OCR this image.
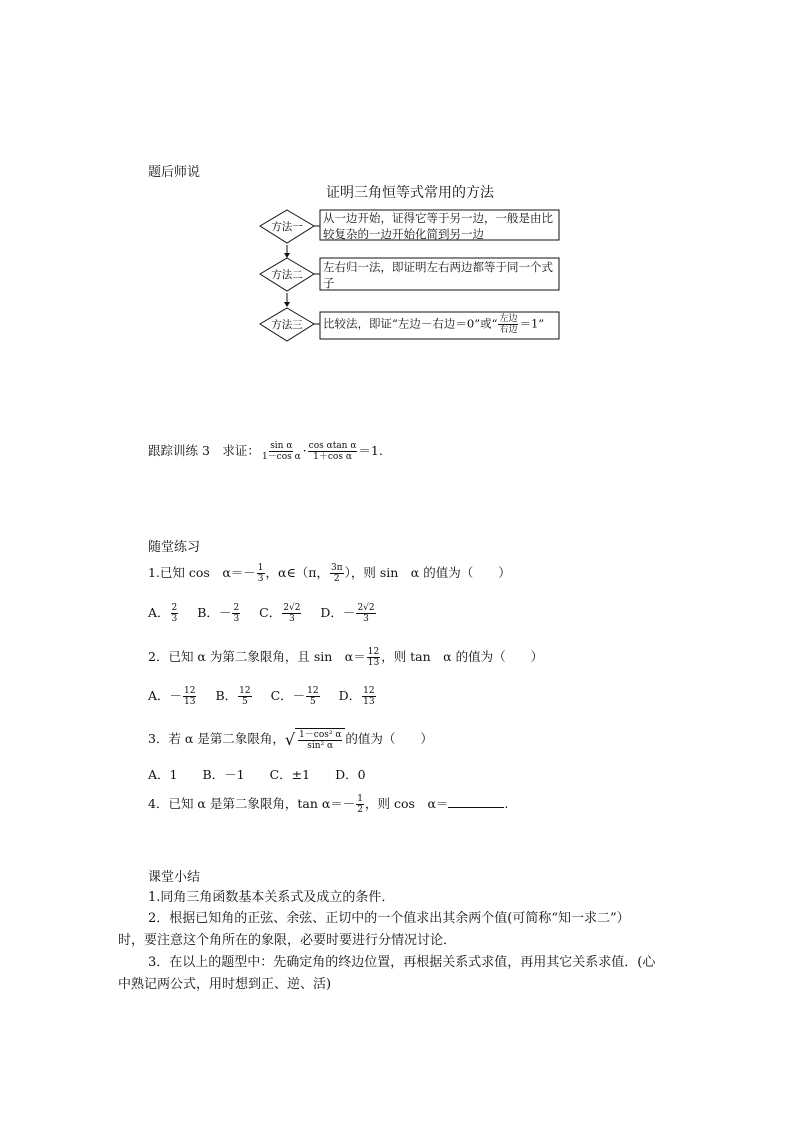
题后师说
证明三角恒等式常用的方法
方法一
方法二
方法三
从一边开始，证得它等于另一边，一般是由比较复杂的一边开始化简到另一边
左右归一法，即证明左右两边都等于同一个式子
比较法，即证“左边－右边＝0”或“ $\frac{\text{左边}}{\text{右边}} =1$”
跟踪训练 3　求证： $\frac{\text{sin α}}{\text{1－cos α}} \cdot \frac{\text{cos αtan α}}{\text{1＋cos α}} =1$.
随堂练习
1.已知 cos　$\alpha=- \frac{1}{3}$ ，α∈（π， $\frac{3\pi}{2}$ ），则 sin　α 的值为（　　）
A． $\frac{2}{3}$ B．－ $\frac{2}{3}$ C． $\frac{2√2}{3}$ D．－ $\frac{2√2}{3}$
2．已知 α 为第二象限角，且 sin　$\alpha= \frac{12}{13}$ ，则 tan　α 的值为（　　）
A．－ $\frac{12}{13}$ B． $\frac{12}{5}$ C．－ $\frac{12}{5}$ D． $\frac{12}{13}$
3．若 α 是第二象限角，√ $\frac{\text{1－cos² α}}{\text{sin² α}}$ 的值为（　　）
A．1　　B．－1　　C．±1　　D．0
4．已知 α 是第二象限角，$\tan \alpha=- \frac{1}{2}$ ，则 cos　α＝	.
课堂小结
1.同角三角函数基本关系式及成立的条件．
2．根据已知角的正弦、余弦、正切中的一个值求出其余两个值(可简称“知一求二”）
时，要注意这个角所在的象限，必要时要进行分情况讨论．
3．在以上的题型中：先确定角的终边位置，再根据关系式求值，再用其它关系求值．(心
中熟记两公式，用时想到正、逆、活)
